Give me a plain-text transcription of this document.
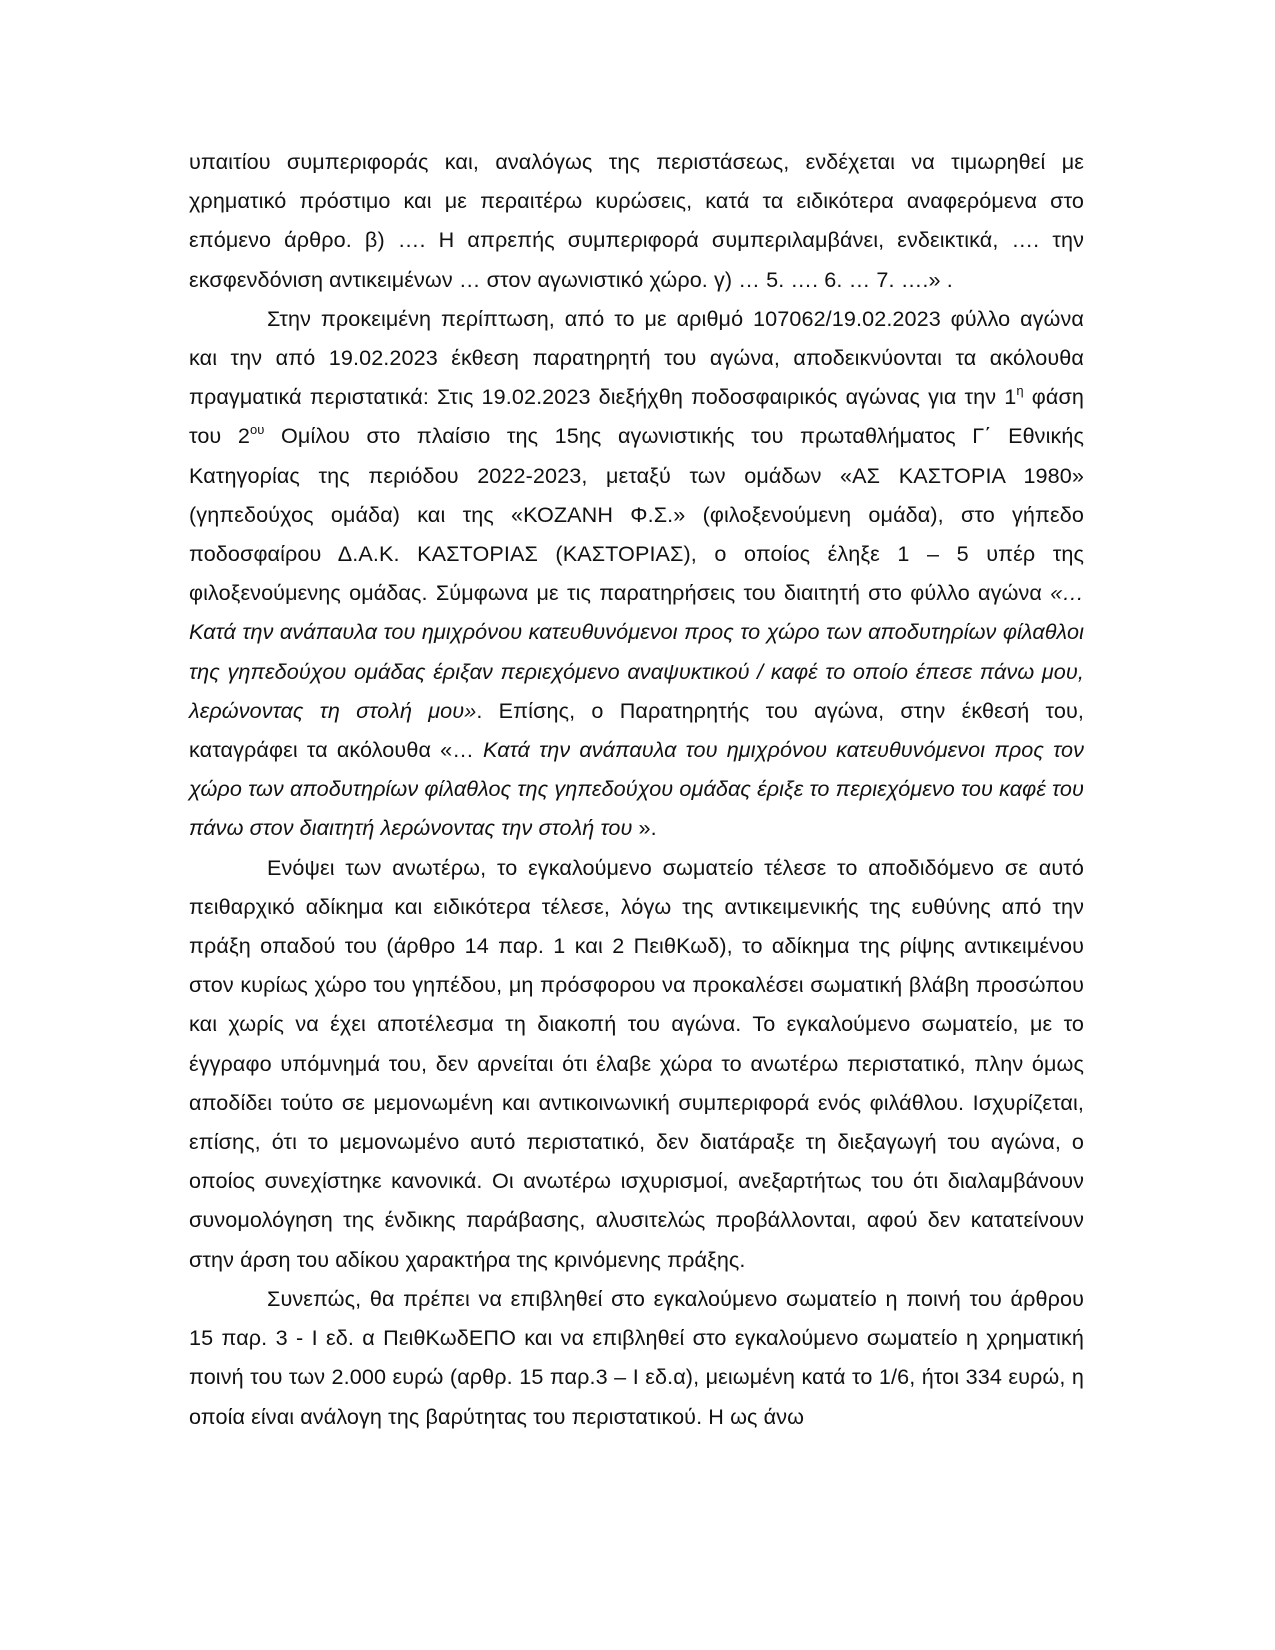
υπαιτίου συμπεριφοράς και, αναλόγως της περιστάσεως, ενδέχεται να τιμωρηθεί με χρηματικό πρόστιμο και με περαιτέρω κυρώσεις, κατά τα ειδικότερα αναφερόμενα στο επόμενο άρθρο. β) …. Η απρεπής συμπεριφορά συμπεριλαμβάνει, ενδεικτικά, …. την εκσφενδόνιση αντικειμένων … στον αγωνιστικό χώρο. γ) … 5. …. 6. … 7. ….» .

Στην προκειμένη περίπτωση, από το με αριθμό 107062/19.02.2023 φύλλο αγώνα και την από 19.02.2023 έκθεση παρατηρητή του αγώνα, αποδεικνύονται τα ακόλουθα πραγματικά περιστατικά: Στις 19.02.2023 διεξήχθη ποδοσφαιρικός αγώνας για την $1^\eta$ φάση του $2^{o\upsilon}$ Ομίλου στο πλαίσιο της 15ης αγωνιστικής του πρωταθλήματος Γ΄ Εθνικής Κατηγορίας της περιόδου 2022-2023, μεταξύ των ομάδων «ΑΣ ΚΑΣΤΟΡΙΑ 1980» (γηπεδούχος ομάδα) και της «ΚΟΖΑΝΗ Φ.Σ.» (φιλοξενούμενη ομάδα), στο γήπεδο ποδοσφαίρου Δ.Α.Κ. ΚΑΣΤΟΡΙΑΣ (ΚΑΣΤΟΡΙΑΣ), ο οποίος έληξε 1 – 5 υπέρ της φιλοξενούμενης ομάδας. Σύμφωνα με τις παρατηρήσεις του διαιτητή στο φύλλο αγώνα «… Κατά την ανάπαυλα του ημιχρόνου κατευθυνόμενοι προς το χώρο των αποδυτηρίων φίλαθλοι της γηπεδούχου ομάδας έριξαν περιεχόμενο αναψυκτικού / καφέ το οποίο έπεσε πάνω μου, λερώνοντας τη στολή μου». Επίσης, ο Παρατηρητής του αγώνα, στην έκθεσή του, καταγράφει τα ακόλουθα «… Κατά την ανάπαυλα του ημιχρόνου κατευθυνόμενοι προς τον χώρο των αποδυτηρίων φίλαθλος της γηπεδούχου ομάδας έριξε το περιεχόμενο του καφέ του πάνω στον διαιτητή λερώνοντας την στολή του ».

Ενόψει των ανωτέρω, το εγκαλούμενο σωματείο τέλεσε το αποδιδόμενο σε αυτό πειθαρχικό αδίκημα και ειδικότερα τέλεσε, λόγω της αντικειμενικής της ευθύνης από την πράξη οπαδού του (άρθρο 14 παρ. 1 και 2 ΠειθΚωδ), το αδίκημα της ρίψης αντικειμένου στον κυρίως χώρο του γηπέδου, μη πρόσφορου να προκαλέσει σωματική βλάβη προσώπου και χωρίς να έχει αποτέλεσμα τη διακοπή του αγώνα. Το εγκαλούμενο σωματείο, με το έγγραφο υπόμνημά του, δεν αρνείται ότι έλαβε χώρα το ανωτέρω περιστατικό, πλην όμως αποδίδει τούτο σε μεμονωμένη και αντικοινωνική συμπεριφορά ενός φιλάθλου. Ισχυρίζεται, επίσης, ότι το μεμονωμένο αυτό περιστατικό, δεν διατάραξε τη διεξαγωγή του αγώνα, ο οποίος συνεχίστηκε κανονικά. Οι ανωτέρω ισχυρισμοί, ανεξαρτήτως του ότι διαλαμβάνουν συνομολόγηση της ένδικης παράβασης, αλυσιτελώς προβάλλονται, αφού δεν κατατείνουν στην άρση του αδίκου χαρακτήρα της κρινόμενης πράξης.

Συνεπώς, θα πρέπει να επιβληθεί στο εγκαλούμενο σωματείο η ποινή του άρθρου 15 παρ. 3 - Ι εδ. α ΠειθΚωδΕΠΟ και να επιβληθεί στο εγκαλούμενο σωματείο η χρηματική ποινή του των 2.000 ευρώ (αρθρ. 15 παρ.3 – Ι εδ.α), μειωμένη κατά το 1/6, ήτοι 334 ευρώ, η οποία είναι ανάλογη της βαρύτητας του περιστατικού. Η ως άνω
